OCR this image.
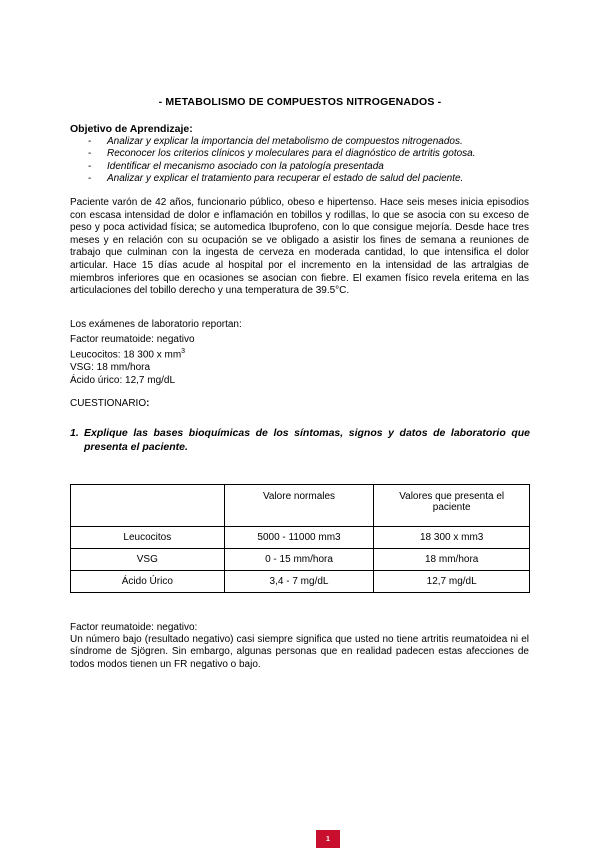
- METABOLISMO DE COMPUESTOS NITROGENADOS -
Objetivo de Aprendizaje:
- Analizar y explicar la importancia del metabolismo de compuestos nitrogenados.
- Reconocer los criterios clínicos y moleculares para el diagnóstico de artritis gotosa.
- Identificar el mecanismo asociado con la patología presentada
- Analizar y explicar el tratamiento para recuperar el estado de salud del paciente.

Paciente varón de 42 años, funcionario público, obeso e hipertenso. Hace seis meses inicia episodios con escasa intensidad de dolor e inflamación en tobillos y rodillas, lo que se asocia con su exceso de peso y poca actividad física; se automedica Ibuprofeno, con lo que consigue mejoría. Desde hace tres meses y en relación con su ocupación se ve obligado a asistir los fines de semana a reuniones de trabajo que culminan con la ingesta de cerveza en moderada cantidad, lo que intensifica el dolor articular. Hace 15 días acude al hospital por el incremento en la intensidad de las artralgias de miembros inferiores que en ocasiones se asocian con fiebre. El examen físico revela eritema en las articulaciones del tobillo derecho y una temperatura de 39.5°C.

Los exámenes de laboratorio reportan:
Factor reumatoide: negativo
Leucocitos: 18 300 x $mm^3$
VSG: 18 mm/hora
Ácido úrico: 12,7 mg/dL
CUESTIONARIO:
1. Explique las bases bioquímicas de los síntomas, signos y datos de laboratorio que presenta el paciente.
	Valore normales	Valores que presenta el paciente
Leucocitos	5000 - 11000 mm3	18 300 x mm3
VSG	0 - 15 mm/hora	18 mm/hora
Ácido Úrico	3,4 - 7 mg/dL	12,7 mg/dL
Factor reumatoide: negativo:

Un número bajo (resultado negativo) casi siempre significa que usted no tiene artritis reumatoidea ni el síndrome de Sjögren. Sin embargo, algunas personas que en realidad padecen estas afecciones de todos modos tienen un FR negativo o bajo.

1
